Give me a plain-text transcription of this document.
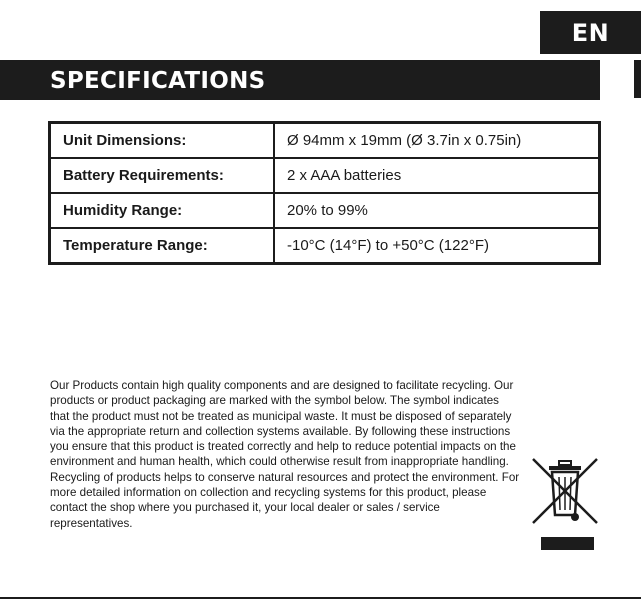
EN
SPECIFICATIONS
Unit Dimensions:	Ø 94mm x 19mm (Ø 3.7in x 0.75in)
Battery Requirements:	2 x AAA batteries
Humidity Range:	20% to 99%
Temperature Range:	-10°C (14°F) to +50°C (122°F)
Our Products contain high quality components and are designed to facilitate recycling. Our products or product packaging are marked with the symbol below. The symbol indicates that the product must not be treated as municipal waste. It must be disposed of separately via the appropriate return and collection systems available. By following these instructions you ensure that this product is treated correctly and help to reduce potential impacts on the environment and human health, which could otherwise result from inappropriate handling. Recycling of products helps to conserve natural resources and protect the environment. For more detailed information on collection and recycling systems for this product, please contact the shop where you purchased it, your local dealer or sales / service representatives.
